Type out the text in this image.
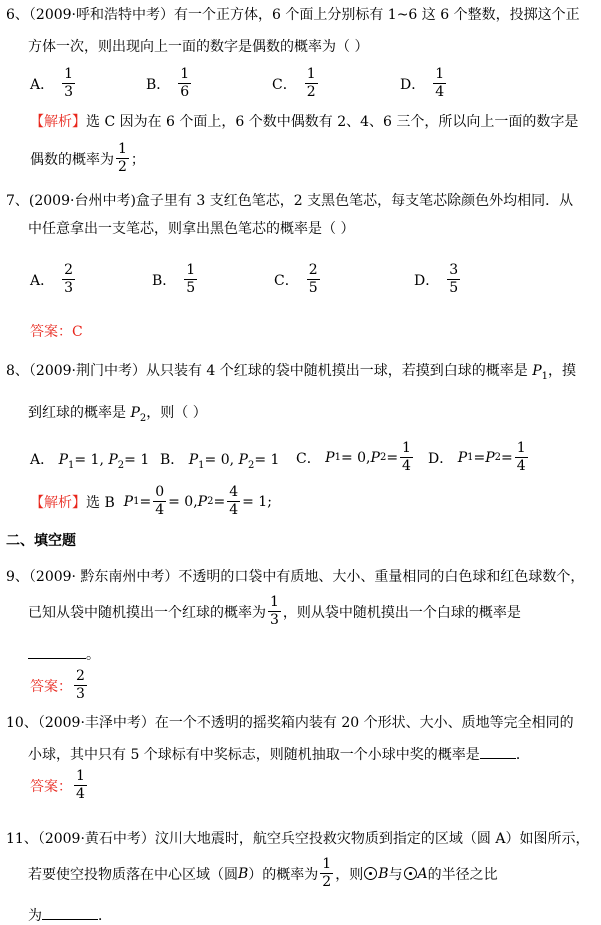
6、（2009·呼和浩特中考）有一个正方体，6 个面上分别标有 1~6 这 6 个整数，投掷这个正
方体一次，则出现向上一面的数字是偶数的概率为（ ）
A． $\frac{1}{3}$	B． $\frac{1}{6}$	C． $\frac{1}{2}$	D． $\frac{1}{4}$
【解析】选 C 因为在 6 个面上，6 个数中偶数有 2、4、6 三个，所以向上一面的数字是
偶数的概率为 $\frac{1}{2}$ ；
7、(2009·台州中考)盒子里有 3 支红色笔芯，2 支黑色笔芯，每支笔芯除颜色外均相同．从
中任意拿出一支笔芯，则拿出黑色笔芯的概率是（ ）
A． $\frac{2}{3}$	B． $\frac{1}{5}$	C． $\frac{2}{5}$	D． $\frac{3}{5}$
答案：C
8、（2009·荆门中考）从只装有 4 个红球的袋中随机摸出一球，若摸到白球的概率是 $P_1$，摸
到红球的概率是 $P_2$，则（ ）
A． $P_1= 1$, $P_2= 1$ B． $P_1= 0$, $P_2= 1$ C．
P 1 = 0, P $2 = \frac{1}{4}$ D．
P 1 = P $2 = \frac{1}{4}$
【解析】 选 B
P $1 = \frac{0}{4} = 0$, P $2 = \frac{4}{4} = 1$;
二、填空题
9、（2009· 黔东南州中考）不透明的口袋中有质地、大小、重量相同的白色球和红色球数个，
已知从袋中随机摸出一个红球的概率为 $\frac{1}{3}$ ，则从袋中随机摸出一个白球的概率是
。
答案： $\frac{2}{3}$
10、（2009·丰泽中考）在一个不透明的摇奖箱内装有 20 个形状、大小、质地等完全相同的
小球，其中只有 5 个球标有中奖标志，则随机抽取一个小球中奖的概率是	．
答案： $\frac{1}{4}$
11、（2009·黄石中考）汶川大地震时，航空兵空投救灾物质到指定的区域（圆 A）如图所示，
若要使空投物质落在中心区域（圆 B ）的概率为 $\frac{1}{2}$ ，则 B 与 A 的半径之比
为	．
